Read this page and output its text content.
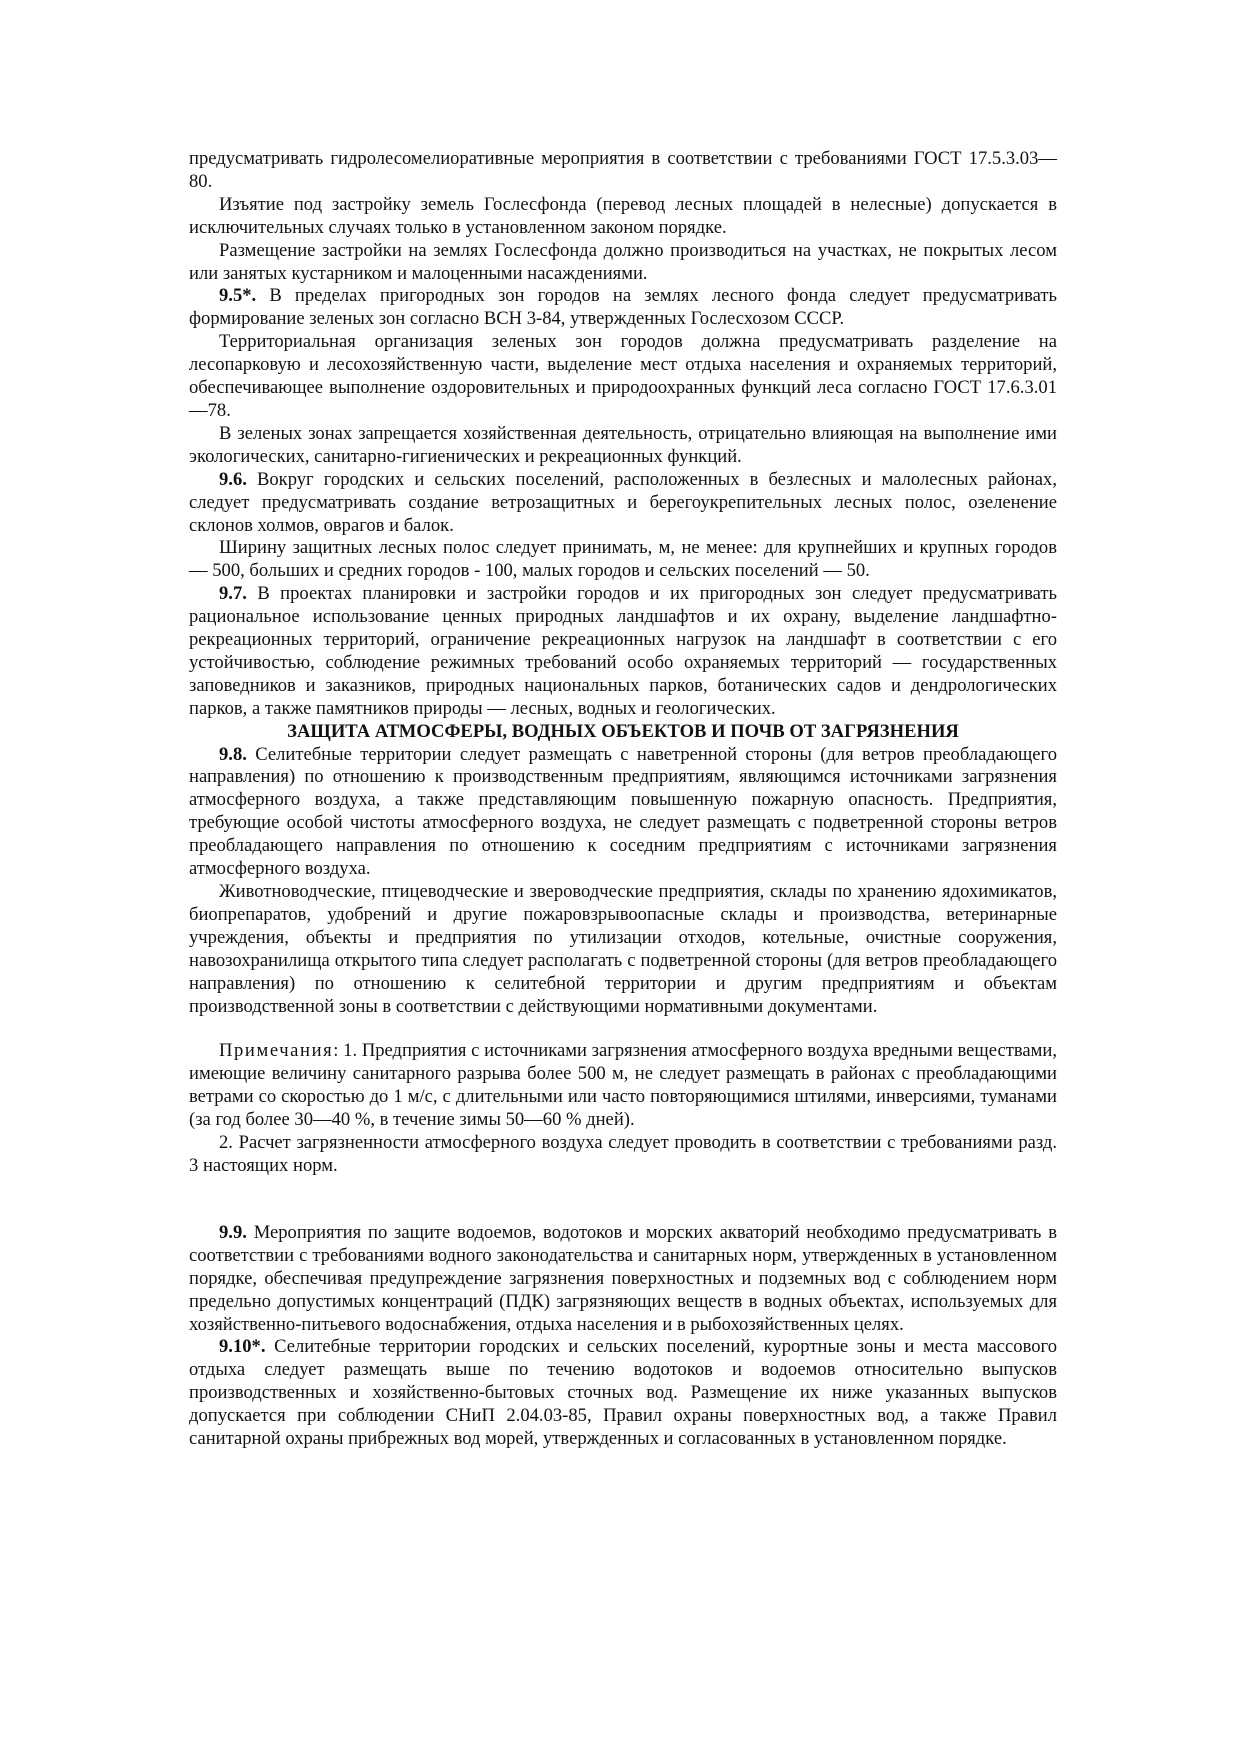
предусматривать гидролесомелиоративные мероприятия в соответствии с требованиями ГОСТ 17.5.3.03—80.

Изъятие под застройку земель Гослесфонда (перевод лесных площадей в нелесные) допускается в исключительных случаях только в установленном законом порядке.

Размещение застройки на землях Гослесфонда должно производиться на участках, не покрытых лесом или занятых кустарником и малоценными насаждениями.

9.5*. В пределах пригородных зон городов на землях лесного фонда следует предусматривать формирование зеленых зон согласно ВСН 3-84, утвержденных Гослесхозом СССР.

Территориальная организация зеленых зон городов должна предусматривать разделение на лесопарковую и лесохозяйственную части, выделение мест отдыха населения и охраняемых территорий, обеспечивающее выполнение оздоровительных и природоохранных функций леса согласно ГОСТ 17.6.3.01—78.

В зеленых зонах запрещается хозяйственная деятельность, отрицательно влияющая на выполнение ими экологических, санитарно-гигиенических и рекреационных функций.

9.6. Вокруг городских и сельских поселений, расположенных в безлесных и малолесных районах, следует предусматривать создание ветрозащитных и берегоукрепительных лесных полос, озеленение склонов холмов, оврагов и балок.

Ширину защитных лесных полос следует принимать, м, не менее: для крупнейших и крупных городов — 500, больших и средних городов - 100, малых городов и сельских поселений — 50.

9.7. В проектах планировки и застройки городов и их пригородных зон следует предусматривать рациональное использование ценных природных ландшафтов и их охрану, выделение ландшафтно-рекреационных территорий, ограничение рекреационных нагрузок на ландшафт в соответствии с его устойчивостью, соблюдение режимных требований особо охраняемых территорий — государственных заповедников и заказников, природных национальных парков, ботанических садов и дендрологических парков, а также памятников природы — лесных, водных и геологических.

ЗАЩИТА АТМОСФЕРЫ, ВОДНЫХ ОБЪЕКТОВ И ПОЧВ ОТ ЗАГРЯЗНЕНИЯ

9.8. Селитебные территории следует размещать с наветренной стороны (для ветров преобладающего направления) по отношению к производственным предприятиям, являющимся источниками загрязнения атмосферного воздуха, а также представляющим повышенную пожарную опасность. Предприятия, требующие особой чистоты атмосферного воздуха, не следует размещать с подветренной стороны ветров преобладающего направления по отношению к соседним предприятиям с источниками загрязнения атмосферного воздуха.

Животноводческие, птицеводческие и звероводческие предприятия, склады по хранению ядохимикатов, биопрепаратов, удобрений и другие пожаровзрывоопасные склады и производства, ветеринарные учреждения, объекты и предприятия по утилизации отходов, котельные, очистные сооружения, навозохранилища открытого типа следует располагать с подветренной стороны (для ветров преобладающего направления) по отношению к селитебной территории и другим предприятиям и объектам производственной зоны в соответствии с действующими нормативными документами.

Примечания: 1. Предприятия с источниками загрязнения атмосферного воздуха вредными веществами, имеющие величину санитарного разрыва более 500 м, не следует размещать в районах с преобладающими ветрами со скоростью до 1 м/с, с длительными или часто повторяющимися штилями, инверсиями, туманами (за год более 30—40 %, в течение зимы 50—60 % дней).

2. Расчет загрязненности атмосферного воздуха следует проводить в соответствии с требованиями разд. 3 настоящих норм.

9.9. Мероприятия по защите водоемов, водотоков и морских акваторий необходимо предусматривать в соответствии с требованиями водного законодательства и санитарных норм, утвержденных в установленном порядке, обеспечивая предупреждение загрязнения поверхностных и подземных вод с соблюдением норм предельно допустимых концентраций (ПДК) загрязняющих веществ в водных объектах, используемых для хозяйственно-питьевого водоснабжения, отдыха населения и в рыбохозяйственных целях.

9.10*. Селитебные территории городских и сельских поселений, курортные зоны и места массового отдыха следует размещать выше по течению водотоков и водоемов относительно выпусков производственных и хозяйственно-бытовых сточных вод. Размещение их ниже указанных выпусков допускается при соблюдении СНиП 2.04.03-85, Правил охраны поверхностных вод, а также Правил санитарной охраны прибрежных вод морей, утвержденных и согласованных в установленном порядке.
